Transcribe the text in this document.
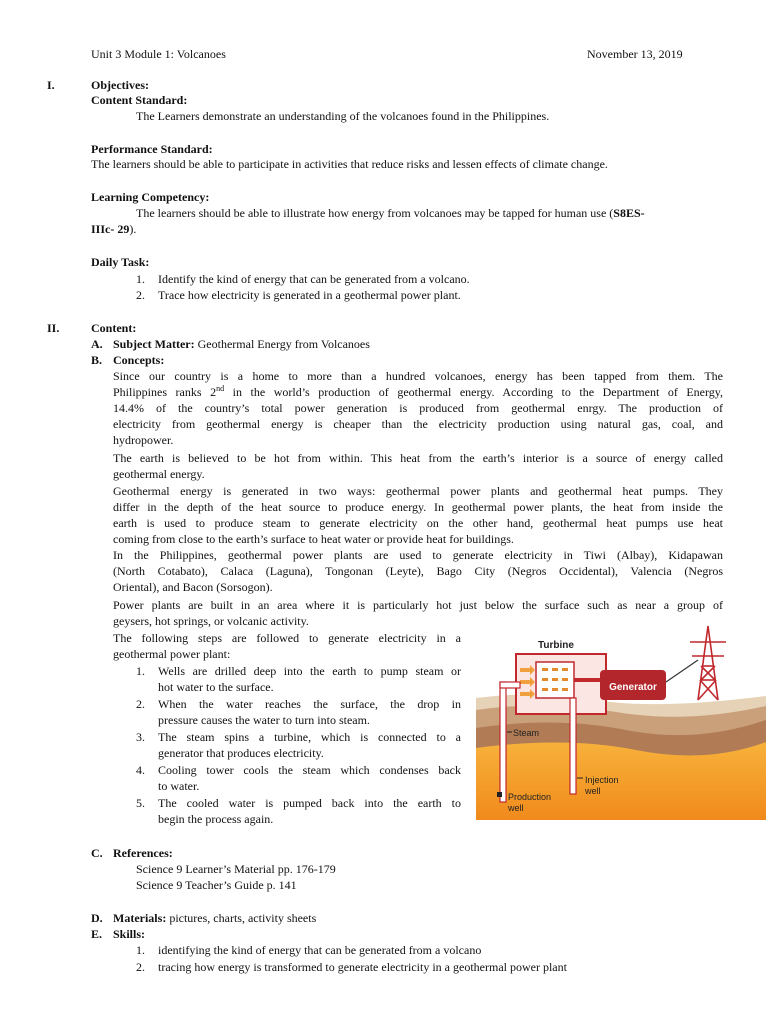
Unit 3 Module 1: Volcanoes	November 13, 2019
I.	Objectives:
Content Standard:
The Learners demonstrate an understanding of the volcanoes found in the Philippines.
Performance Standard:
The learners should be able to participate in activities that reduce risks and lessen effects of climate change.
Learning Competency:
The learners should be able to illustrate how energy from volcanoes may be tapped for human use (S8ES-
IIIc- 29).
Daily Task:
1. Identify the kind of energy that can be generated from a volcano.
2. Trace how electricity is generated in a geothermal power plant.
II.	Content:
A. Subject Matter: Geothermal Energy from Volcanoes
B. Concepts:
Since our country is a home to more than a hundred volcanoes, energy has been tapped from them. The
Philippines ranks 2nd in the world’s production of geothermal energy. According to the Department of Energy,
14.4% of the country’s total power generation is produced from geothermal enrgy. The production of
electricity from geothermal energy is cheaper than the electricity production using natural gas, coal, and
hydropower.
The earth is believed to be hot from within. This heat from the earth’s interior is a source of energy called
geothermal energy.
Geothermal energy is generated in two ways: geothermal power plants and geothermal heat pumps. They
differ in the depth of the heat source to produce energy. In geothermal power plants, the heat from inside the
earth is used to produce steam to generate electricity on the other hand, geothermal heat pumps use heat
coming from close to the earth’s surface to heat water or provide heat for buildings.
In the Philippines, geothermal power plants are used to generate electricity in Tiwi (Albay), Kidapawan
(North Cotabato), Calaca (Laguna), Tongonan (Leyte), Bago City (Negros Occidental), Valencia (Negros
Oriental), and Bacon (Sorsogon).
Power plants are built in an area where it is particularly hot just below the surface such as near a group of
geysers, hot springs, or volcanic activity.
The following steps are followed to generate electricity in a
geothermal power plant:
1. Wells are drilled deep into the earth to pump steam or
hot water to the surface.
2. When the water reaches the surface, the drop in
pressure causes the water to turn into steam.
3. The steam spins a turbine, which is connected to a
generator that produces electricity.
4. Cooling tower cools the steam which condenses back
to water.
5. The cooled water is pumped back into the earth to
begin the process again.
Generator
Turbine
Steam
Injection
well
Production
well
C. References:
Science 9 Learner’s Material pp. 176-179
Science 9 Teacher’s Guide p. 141
D. Materials: pictures, charts, activity sheets
E. Skills:
1. identifying the kind of energy that can be generated from a volcano
2. tracing how energy is transformed to generate electricity in a geothermal power plant
